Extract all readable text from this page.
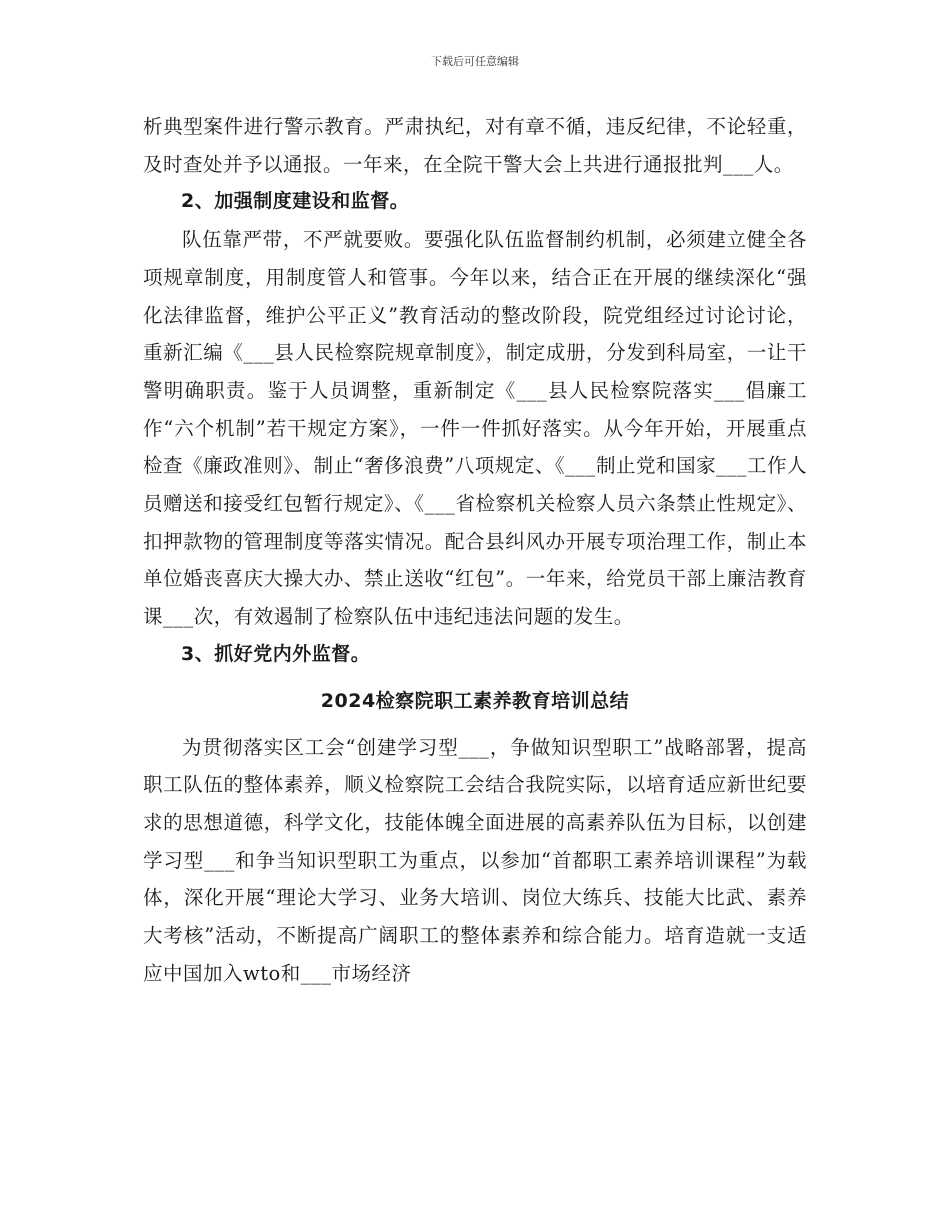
下载后可任意编辑

析典型案件进行警示教育。严肃执纪，对有章不循，违反纪律，不论轻重，及时查处并予以通报。一年来，在全院干警大会上共进行通报批判___人。

2、加强制度建设和监督。

队伍靠严带，不严就要败。要强化队伍监督制约机制，必须建立健全各项规章制度，用制度管人和管事。今年以来，结合正在开展的继续深化“强化法律监督，维护公平正义”教育活动的整改阶段，院党组经过讨论讨论，重新汇编《___县人民检察院规章制度》，制定成册，分发到科局室，一让干警明确职责。鉴于人员调整，重新制定《___县人民检察院落实___倡廉工作“六个机制”若干规定方案》，一件一件抓好落实。从今年开始，开展重点检查《廉政准则》、制止“奢侈浪费”八项规定、《___制止党和国家___工作人员赠送和接受红包暂行规定》、《___省检察机关检察人员六条禁止性规定》、扣押款物的管理制度等落实情况。配合县纠风办开展专项治理工作，制止本单位婚丧喜庆大操大办、禁止送收“红包”。一年来，给党员干部上廉洁教育课___次，有效遏制了检察队伍中违纪违法问题的发生。

3、抓好党内外监督。

2024检察院职工素养教育培训总结

为贯彻落实区工会“创建学习型___，争做知识型职工”战略部署，提高职工队伍的整体素养，顺义检察院工会结合我院实际，以培育适应新世纪要求的思想道德，科学文化，技能体魄全面进展的高素养队伍为目标，以创建学习型___和争当知识型职工为重点，以参加“首都职工素养培训课程”为载体，深化开展“理论大学习、业务大培训、岗位大练兵、技能大比武、素养大考核”活动，不断提高广阔职工的整体素养和综合能力。培育造就一支适应中国加入wto和___市场经济
